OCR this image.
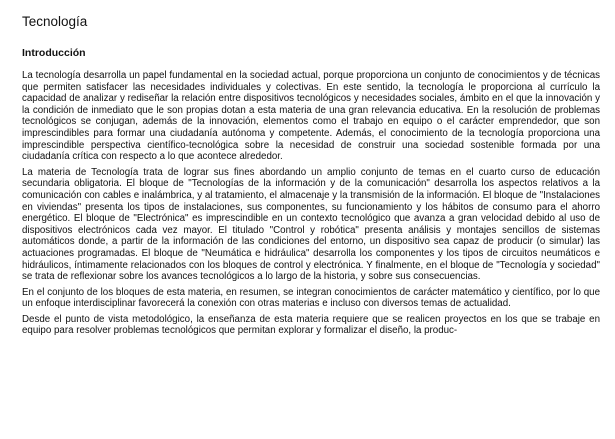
Tecnología
Introducción

La tecnología desarrolla un papel fundamental en la sociedad actual, porque proporciona un conjunto de conocimientos y de técnicas que permiten satisfacer las necesidades individuales y colectivas. En este sentido, la tecnología le proporciona al currículo la capacidad de analizar y rediseñar la relación entre dispositivos tecnológicos y necesidades sociales, ámbito en el que la innovación y la condición de inmediato que le son propias dotan a esta materia de una gran relevancia educativa. En la resolución de problemas tecnológicos se conjugan, además de la innovación, elementos como el trabajo en equipo o el carácter emprendedor, que son imprescindibles para formar una ciudadanía autónoma y competente. Además, el conocimiento de la tecnología proporciona una imprescindible perspectiva científico-tecnológica sobre la necesidad de construir una sociedad sostenible formada por una ciudadanía crítica con respecto a lo que acontece alrededor.

La materia de Tecnología trata de lograr sus fines abordando un amplio conjunto de temas en el cuarto curso de educación secundaria obligatoria. El bloque de "Tecnologías de la información y de la comunicación" desarrolla los aspectos relativos a la comunicación con cables e inalámbrica, y al tratamiento, el almacenaje y la transmisión de la información. El bloque de "Instalaciones en viviendas" presenta los tipos de instalaciones, sus componentes, su funcionamiento y los hábitos de consumo para el ahorro energético. El bloque de "Electrónica" es imprescindible en un contexto tecnológico que avanza a gran velocidad debido al uso de dispositivos electrónicos cada vez mayor. El titulado "Control y robótica" presenta análisis y montajes sencillos de sistemas automáticos donde, a partir de la información de las condiciones del entorno, un dispositivo sea capaz de producir (o simular) las actuaciones programadas. El bloque de "Neumática e hidráulica" desarrolla los componentes y los tipos de circuitos neumáticos e hidráulicos, íntimamente relacionados con los bloques de control y electrónica. Y finalmente, en el bloque de "Tecnología y sociedad" se trata de reflexionar sobre los avances tecnológicos a lo largo de la historia, y sobre sus consecuencias.

En el conjunto de los bloques de esta materia, en resumen, se integran conocimientos de carácter matemático y científico, por lo que un enfoque interdisciplinar favorecerá la conexión con otras materias e incluso con diversos temas de actualidad.

Desde el punto de vista metodológico, la enseñanza de esta materia requiere que se realicen proyectos en los que se trabaje en equipo para resolver problemas tecnológicos que permitan explorar y formalizar el diseño, la produc-
